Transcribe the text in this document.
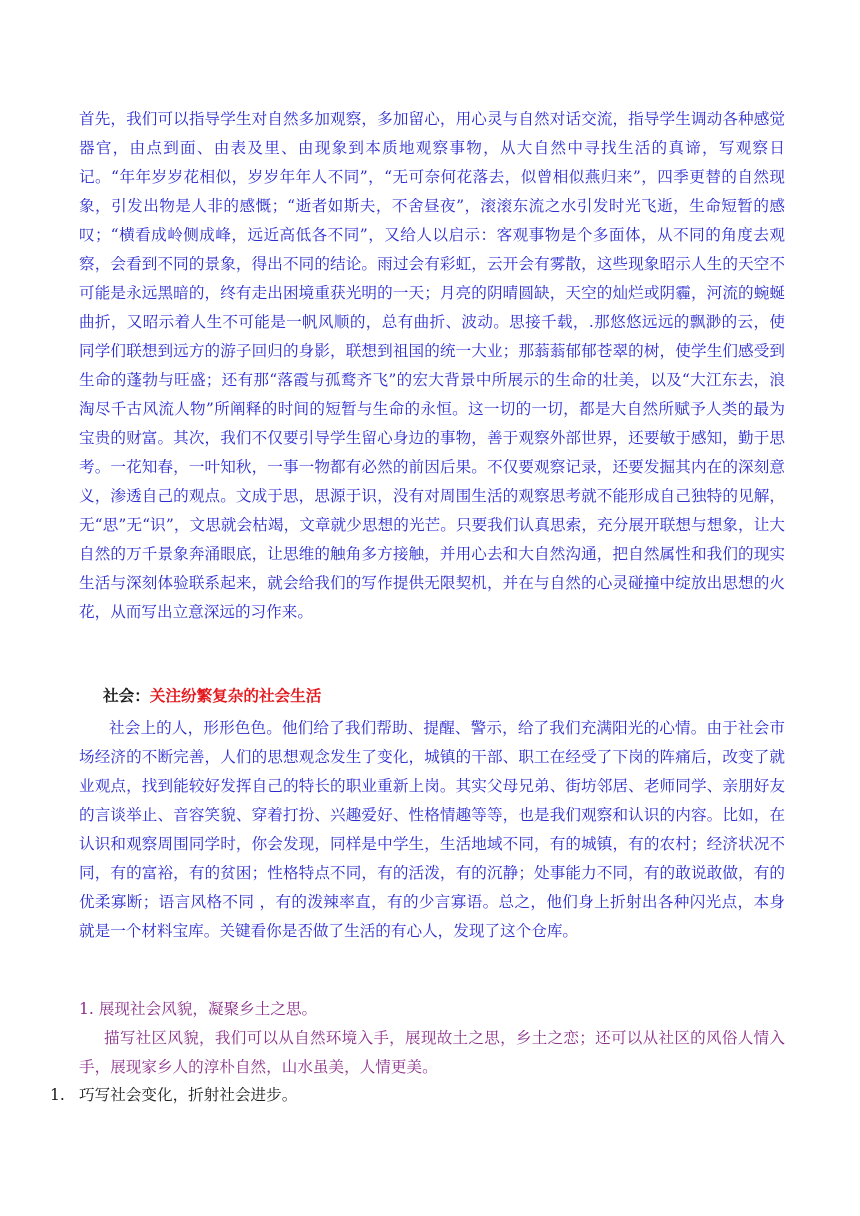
首先，我们可以指导学生对自然多加观察，多加留心，用心灵与自然对话交流，指导学生调动各种感觉器官，由点到面、由表及里、由现象到本质地观察事物，从大自然中寻找生活的真谛，写观察日记。“年年岁岁花相似，岁岁年年人不同”，“无可奈何花落去，似曾相似燕归来”，四季更替的自然现象，引发出物是人非的感慨；“逝者如斯夫，不舍昼夜”，滚滚东流之水引发时光飞逝，生命短暂的感叹；“横看成岭侧成峰，远近高低各不同”，又给人以启示：客观事物是个多面体，从不同的角度去观察，会看到不同的景象，得出不同的结论。雨过会有彩虹，云开会有雾散，这些现象昭示人生的天空不可能是永远黑暗的，终有走出困境重获光明的一天；月亮的阴晴圆缺，天空的灿烂或阴霾，河流的蜿蜒曲折，又昭示着人生不可能是一帆风顺的，总有曲折、波动。思接千载，.那悠悠远远的飘渺的云，使同学们联想到远方的游子回归的身影，联想到祖国的统一大业；那蓊蓊郁郁苍翠的树，使学生们感受到生命的蓬勃与旺盛；还有那“落霞与孤鹜齐飞”的宏大背景中所展示的生命的壮美，以及“大江东去，浪淘尽千古风流人物”所阐释的时间的短暂与生命的永恒。这一切的一切，都是大自然所赋予人类的最为宝贵的财富。其次，我们不仅要引导学生留心身边的事物，善于观察外部世界，还要敏于感知，勤于思考。一花知春，一叶知秋，一事一物都有必然的前因后果。不仅要观察记录，还要发掘其内在的深刻意义，渗透自己的观点。文成于思，思源于识，没有对周围生活的观察思考就不能形成自己独特的见解，无“思”无“识”，文思就会枯竭，文章就少思想的光芒。只要我们认真思索，充分展开联想与想象，让大自然的万千景象奔涌眼底，让思维的触角多方接触，并用心去和大自然沟通，把自然属性和我们的现实生活与深刻体验联系起来，就会给我们的写作提供无限契机，并在与自然的心灵碰撞中绽放出思想的火花，从而写出立意深远的习作来。

社会：关注纷繁复杂的社会生活

社会上的人，形形色色。他们给了我们帮助、提醒、警示，给了我们充满阳光的心情。由于社会市场经济的不断完善，人们的思想观念发生了变化，城镇的干部、职工在经受了下岗的阵痛后，改变了就业观点，找到能较好发挥自己的特长的职业重新上岗。其实父母兄弟、街坊邻居、老师同学、亲朋好友的言谈举止、音容笑貌、穿着打扮、兴趣爱好、性格情趣等等，也是我们观察和认识的内容。比如，在认识和观察周围同学时，你会发现，同样是中学生，生活地域不同，有的城镇，有的农村；经济状况不同，有的富裕，有的贫困；性格特点不同，有的活泼，有的沉静；处事能力不同，有的敢说敢做，有的优柔寡断；语言风格不同 ，有的泼辣率直，有的少言寡语。总之，他们身上折射出各种闪光点，本身就是一个材料宝库。关键看你是否做了生活的有心人，发现了这个仓库。

1. 展现社会风貌，凝聚乡土之思。

描写社区风貌，我们可以从自然环境入手，展现故土之思，乡土之恋；还可以从社区的风俗人情入手，展现家乡人的淳朴自然，山水虽美，人情更美。

1. 巧写社会变化，折射社会进步。
